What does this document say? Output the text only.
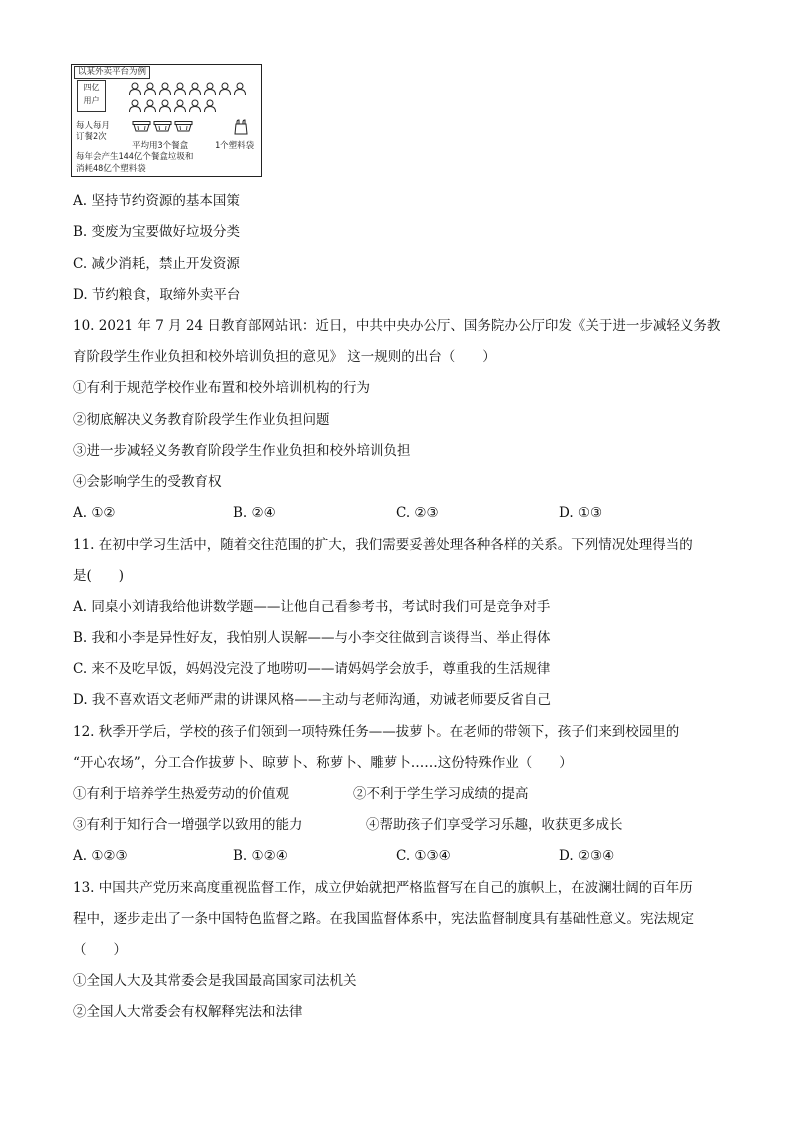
以某外卖平台为例
四亿
用户
每人每月
订餐2次
平均用3个餐盒	1个塑料袋
每年会产生144亿个餐盒垃圾和
消耗48亿个塑料袋
A. 坚持节约资源的基本国策
B. 变废为宝要做好垃圾分类
C. 减少消耗，禁止开发资源
D. 节约粮食，取缔外卖平台
10. 2021 年 7 月 24 日教育部网站讯：近日，中共中央办公厅、国务院办公厅印发《关于进一步减轻义务教
育阶段学生作业负担和校外培训负担的意见》 这一规则的出台（　　）
①有利于规范学校作业布置和校外培训机构的行为
②彻底解决义务教育阶段学生作业负担问题
③进一步减轻义务教育阶段学生作业负担和校外培训负担
④会影响学生的受教育权
A. ①②	B. ②④	C. ②③	D. ①③
11. 在初中学习生活中，随着交往范围的扩大，我们需要妥善处理各种各样的关系。下列情况处理得当的
是(　　)
A. 同桌小刘请我给他讲数学题——让他自己看参考书，考试时我们可是竞争对手
B. 我和小李是异性好友，我怕别人误解——与小李交往做到言谈得当、举止得体
C. 来不及吃早饭，妈妈没完没了地唠叨——请妈妈学会放手，尊重我的生活规律
D. 我不喜欢语文老师严肃的讲课风格——主动与老师沟通，劝诫老师要反省自己
12. 秋季开学后，学校的孩子们领到一项特殊任务——拔萝卜。在老师的带领下，孩子们来到校园里的
“开心农场”，分工合作拔萝卜、晾萝卜、称萝卜、雕萝卜……这份特殊作业（　　）
①有利于培养学生热爱劳动的价值观	②不利于学生学习成绩的提高
③有利于知行合一增强学以致用的能力	④帮助孩子们享受学习乐趣，收获更多成长
A. ①②③	B. ①②④	C. ①③④	D. ②③④
13. 中国共产党历来高度重视监督工作，成立伊始就把严格监督写在自己的旗帜上，在波澜壮阔的百年历
程中，逐步走出了一条中国特色监督之路。在我国监督体系中，宪法监督制度具有基础性意义。宪法规定
（　　）
①全国人大及其常委会是我国最高国家司法机关
②全国人大常委会有权解释宪法和法律
